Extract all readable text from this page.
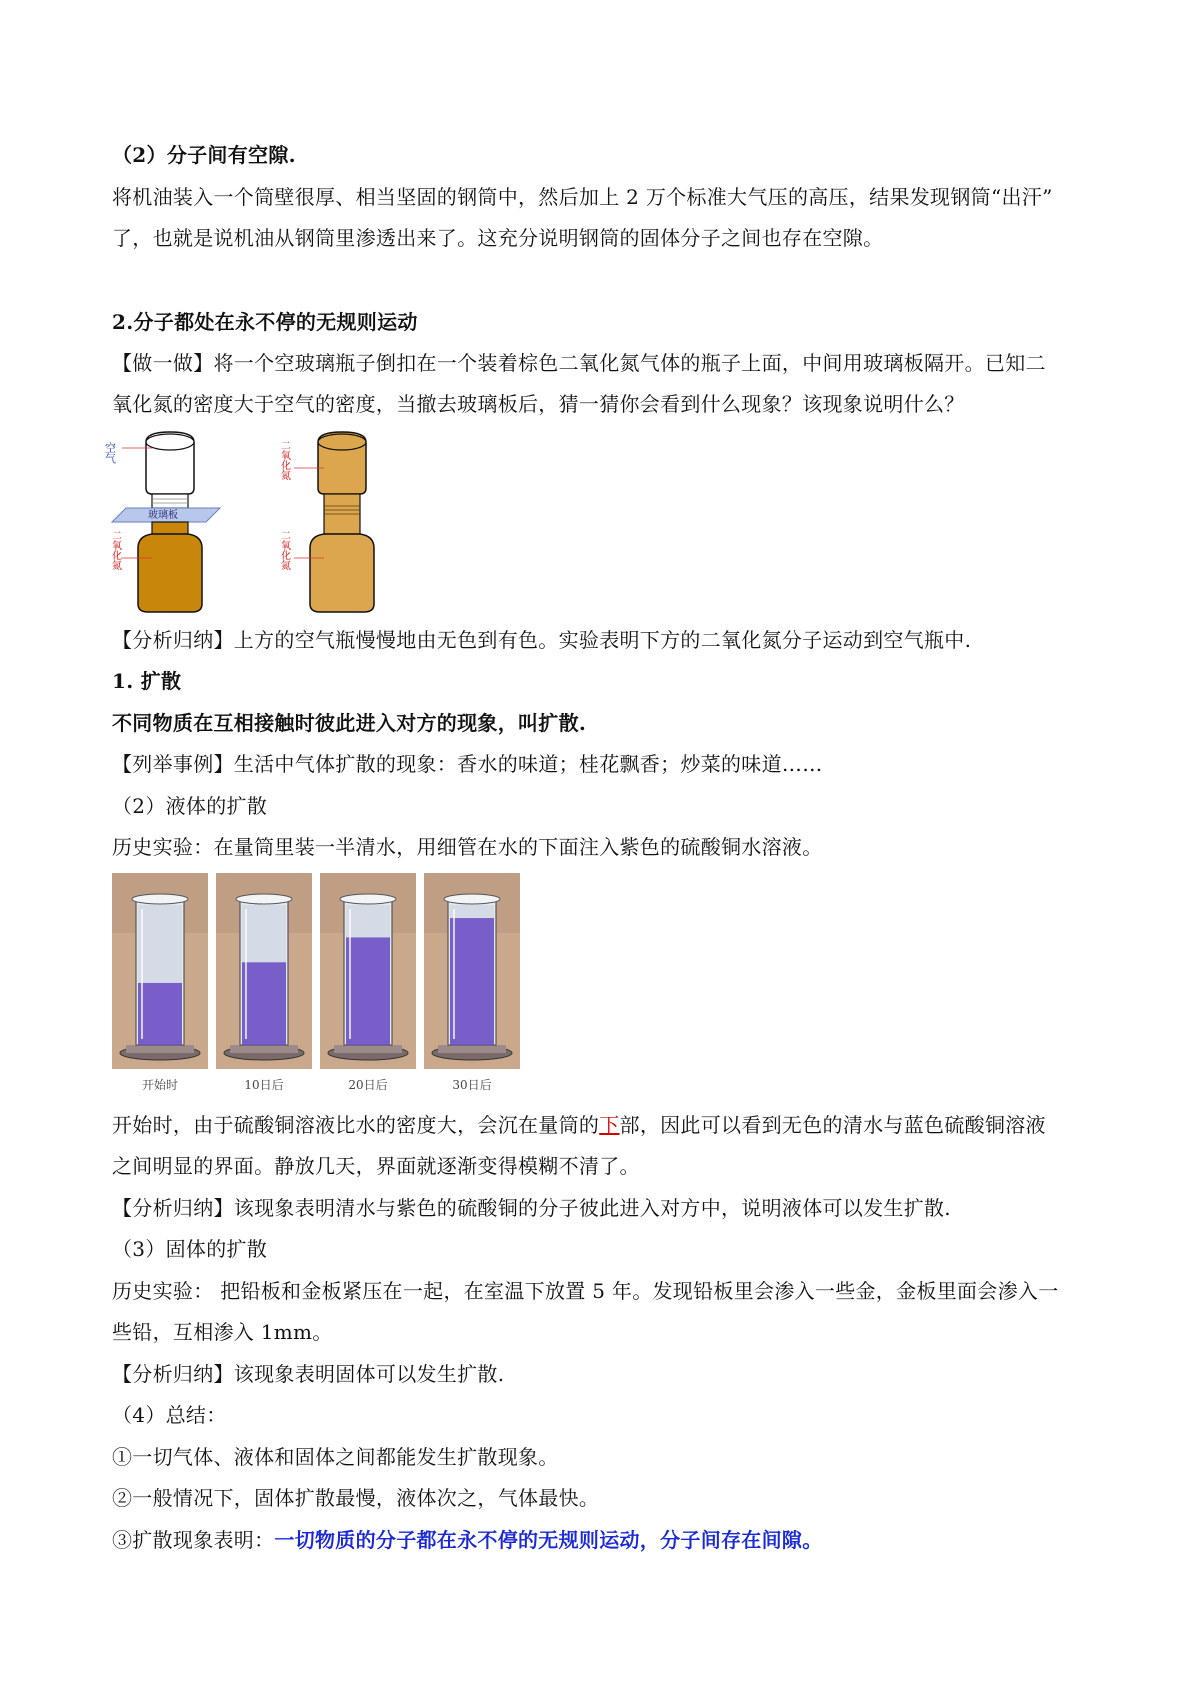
（2）分子间有空隙.
将机油装入一个筒壁很厚、相当坚固的钢筒中，然后加上 2 万个标准大气压的高压，结果发现钢筒“出汗”
了，也就是说机油从钢筒里渗透出来了。这充分说明钢筒的固体分子之间也存在空隙。
2.分子都处在永不停的无规则运动
【做一做】将一个空玻璃瓶子倒扣在一个装着棕色二氧化氮气体的瓶子上面，中间用玻璃板隔开。已知二
氧化氮的密度大于空气的密度，当撤去玻璃板后，猜一猜你会看到什么现象？该现象说明什么？
空气
玻璃板
二氧化氮
二氧化氮
二氧化氮
【分析归纳】上方的空气瓶慢慢地由无色到有色。实验表明下方的二氧化氮分子运动到空气瓶中.
1. 扩散
不同物质在互相接触时彼此进入对方的现象，叫扩散.
【列举事例】生活中气体扩散的现象：香水的味道；桂花飘香；炒菜的味道……
（2）液体的扩散
历史实验：在量筒里装一半清水，用细管在水的下面注入紫色的硫酸铜水溶液。
开始时	10日后	20日后	30日后
开始时，由于硫酸铜溶液比水的密度大，会沉在量筒的下部，因此可以看到无色的清水与蓝色硫酸铜溶液
之间明显的界面。静放几天，界面就逐渐变得模糊不清了。
【分析归纳】该现象表明清水与紫色的硫酸铜的分子彼此进入对方中，说明液体可以发生扩散.
（3）固体的扩散
历史实验： 把铅板和金板紧压在一起，在室温下放置 5 年。发现铅板里会渗入一些金，金板里面会渗入一
些铅，互相渗入 1mm。
【分析归纳】该现象表明固体可以发生扩散.
（4）总结：
①一切气体、液体和固体之间都能发生扩散现象。
②一般情况下，固体扩散最慢，液体次之，气体最快。
③扩散现象表明：一切物质的分子都在永不停的无规则运动，分子间存在间隙。
